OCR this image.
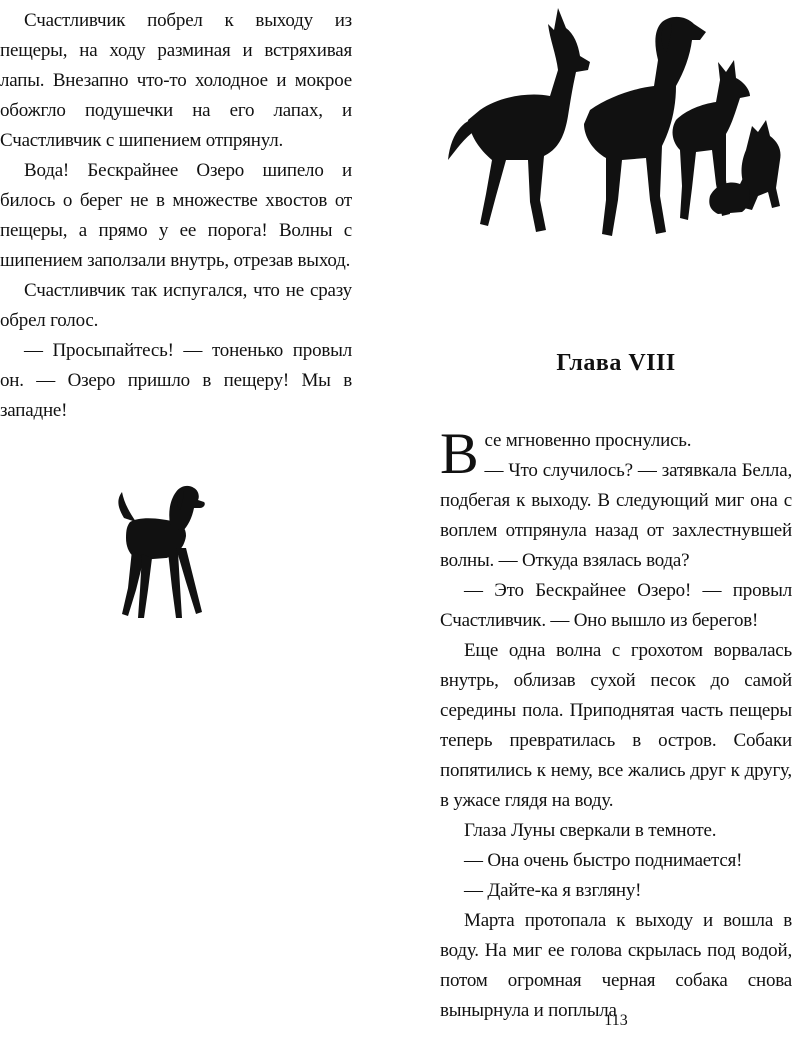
Счастливчик побрел к выходу из пещеры, на ходу разминая и встряхивая лапы. Внезапно что-то холодное и мокрое обожгло подушечки на его лапах, и Счастливчик с шипением отпрянул.

Вода! Бескрайнее Озеро шипело и билось о берег не в множестве хвостов от пещеры, а прямо у ее порога! Волны с шипением заползали внутрь, отрезав выход.

Счастливчик так испугался, что не сразу обрел голос.

— Просыпайтесь! — тоненько провыл он. — Озеро пришло в пещеру! Мы в западне!

Глава VIII

Все мгновенно проснулись.

— Что случилось? — затявкала Белла, подбегая к выходу. В следующий миг она с воплем отпрянула назад от захлестнувшей волны. — Откуда взялась вода?

— Это Бескрайнее Озеро! — провыл Счастливчик. — Оно вышло из берегов!

Еще одна волна с грохотом ворвалась внутрь, облизав сухой песок до самой середины пола. Приподнятая часть пещеры теперь превратилась в остров. Собаки попятились к нему, все жались друг к другу, в ужасе глядя на воду.

Глаза Луны сверкали в темноте.

— Она очень быстро поднимается!

— Дайте-ка я взгляну!

Марта протопала к выходу и вошла в воду. На миг ее голова скрылась под водой, потом огромная черная собака снова вынырнула и поплыла

113
